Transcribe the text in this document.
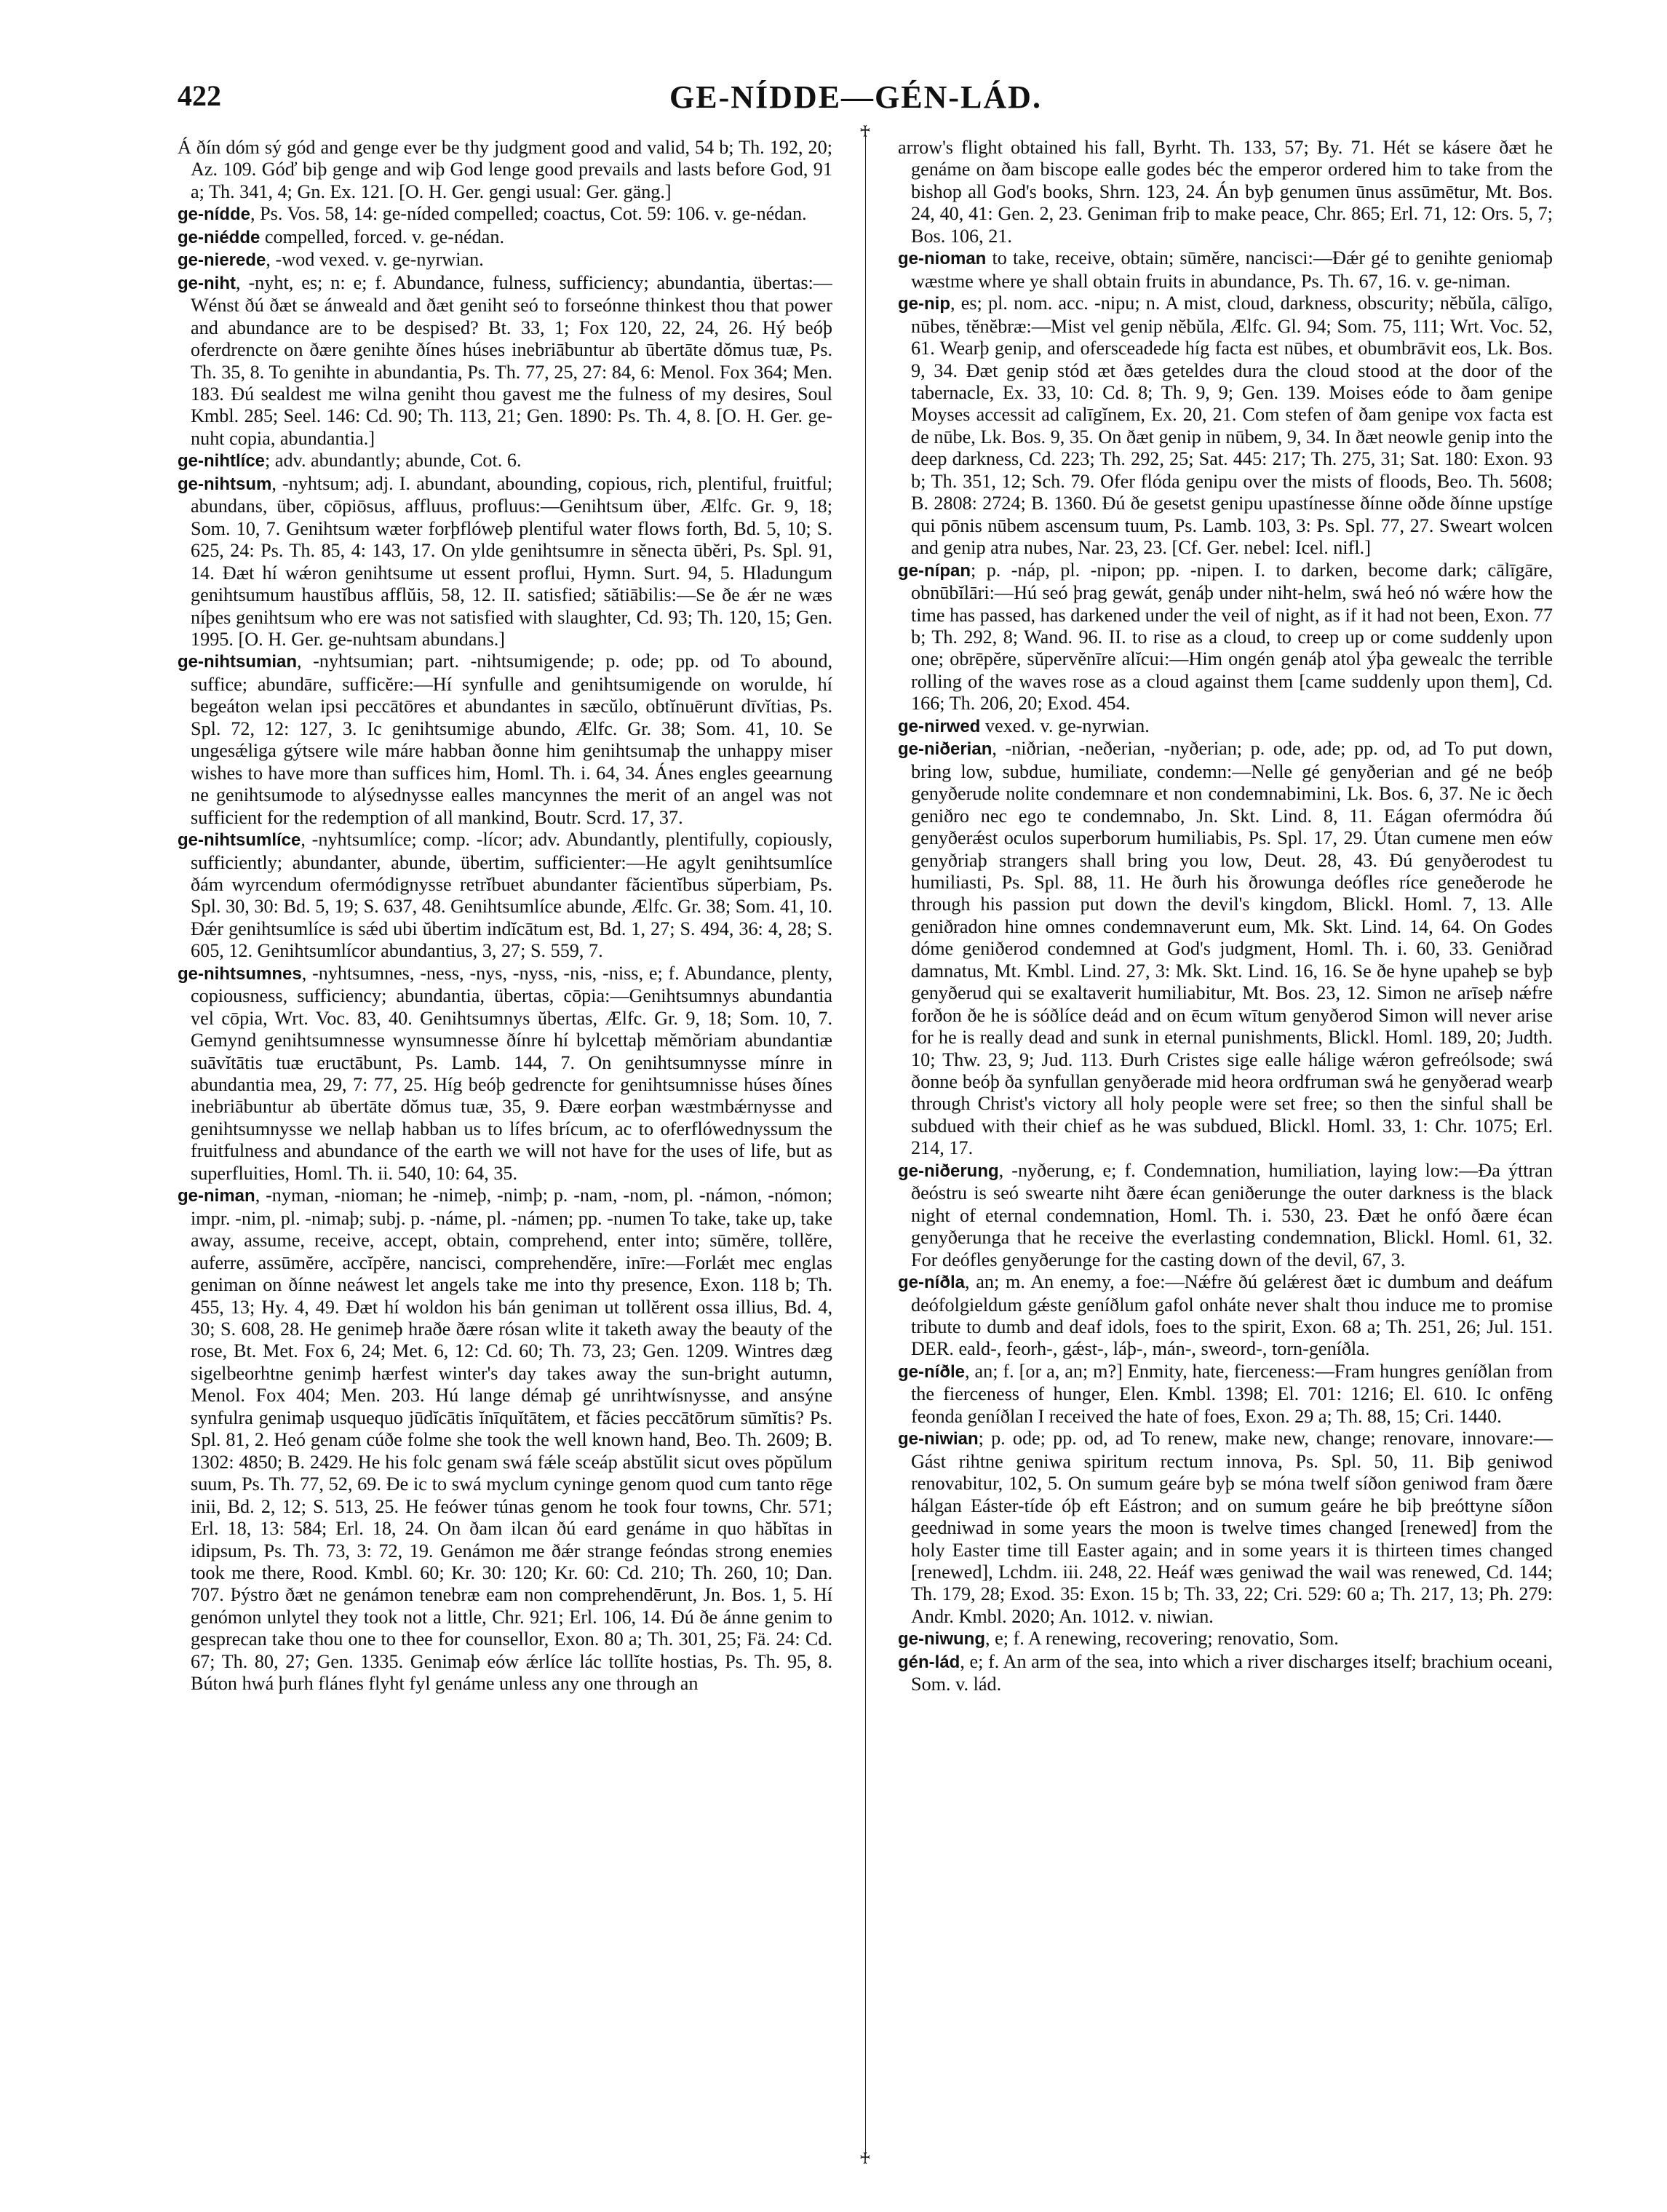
422	GE-NÍDDE—GÉN-LÁD.
♰
♰

Á ðín dóm sý gód and genge ever be thy judgment good and valid, 54 b; Th. 192, 20; Az. 109. Góď biþ genge and wiþ God lenge good prevails and lasts before God, 91 a; Th. 341, 4; Gn. Ex. 121. [O. H. Ger. gengi usual: Ger. gäng.]

ge-nídde, Ps. Vos. 58, 14: ge-níded compelled; coactus, Cot. 59: 106. v. ge-nédan.

ge-niédde compelled, forced. v. ge-nédan.

ge-nierede, -wod vexed. v. ge-nyrwian.

ge-niht, -nyht, es; n: e; f. Abundance, fulness, sufficiency; abundantia, übertas:—Wénst ðú ðæt se ánweald and ðæt geniht seó to forseónne thinkest thou that power and abundance are to be despised? Bt. 33, 1; Fox 120, 22, 24, 26. Hý beóþ oferdrencte on ðære genihte ðínes húses inebriābuntur ab ūbertāte dŏmus tuæ, Ps. Th. 35, 8. To genihte in abundantia, Ps. Th. 77, 25, 27: 84, 6: Menol. Fox 364; Men. 183. Ðú sealdest me wilna geniht thou gavest me the fulness of my desires, Soul Kmbl. 285; Seel. 146: Cd. 90; Th. 113, 21; Gen. 1890: Ps. Th. 4, 8. [O. H. Ger. ge-nuht copia, abundantia.]

ge-nihtlíce; adv. abundantly; abunde, Cot. 6.

ge-nihtsum, -nyhtsum; adj. I. abundant, abounding, copious, rich, plentiful, fruitful; abundans, über, cōpiōsus, affluus, profluus:—Genihtsum über, Ælfc. Gr. 9, 18; Som. 10, 7. Genihtsum wæter forþflóweþ plentiful water flows forth, Bd. 5, 10; S. 625, 24: Ps. Th. 85, 4: 143, 17. On ylde genihtsumre in sĕnecta ūbĕri, Ps. Spl. 91, 14. Ðæt hí wǽron genihtsume ut essent proflui, Hymn. Surt. 94, 5. Hladungum genihtsumum haustĭbus afflŭis, 58, 12. II. satisfied; sătiābilis:—Se ðe ǽr ne wæs níþes genihtsum who ere was not satisfied with slaughter, Cd. 93; Th. 120, 15; Gen. 1995. [O. H. Ger. ge-nuhtsam abundans.]

ge-nihtsumian, -nyhtsumian; part. -nihtsumigende; p. ode; pp. od To abound, suffice; abundāre, sufficĕre:—Hí synfulle and genihtsumigende on woruldе, hí begeáton welan ipsi peccātōres et abundantes in sæcŭlo, obtĭnuērunt dīvĭtias, Ps. Spl. 72, 12: 127, 3. Ic genihtsumige abundo, Ælfc. Gr. 38; Som. 41, 10. Se ungesǽliga gýtsere wile máre habban ðonne him genihtsumaþ the unhappy miser wishes to have more than suffices him, Homl. Th. i. 64, 34. Ánes engles geearnung ne genihtsumode to alýsednysse ealles mancynnes the merit of an angel was not sufficient for the redemption of all mankind, Boutr. Scrd. 17, 37.

ge-nihtsumlíce, -nyhtsumlíce; comp. -lícor; adv. Abundantly, plentifully, copiously, sufficiently; abundanter, abunde, übertim, sufficienter:—He agylt genihtsumlíce ðám wyrcendum ofermódignysse retrĭbuet abundanter făcientĭbus sŭperbiam, Ps. Spl. 30, 30: Bd. 5, 19; S. 637, 48. Genihtsumlíce abunde, Ælfc. Gr. 38; Som. 41, 10. Ðǽr genihtsumlíce is sǽd ubi ŭbertim indĭcātum est, Bd. 1, 27; S. 494, 36: 4, 28; S. 605, 12. Genihtsumlícor abundantius, 3, 27; S. 559, 7.

ge-nihtsumnes, -nyhtsumnes, -ness, -nys, -nyss, -nis, -niss, e; f. Abundance, plenty, copiousness, sufficiency; abundantia, übertas, cōpia:—Genihtsumnys abundantia vel cōpia, Wrt. Voc. 83, 40. Genihtsumnys ŭbertas, Ælfc. Gr. 9, 18; Som. 10, 7. Gemynd genihtsumnesse wynsumnesse ðínre hí bylcettaþ mĕmŏriam abundantiæ suāvĭtātis tuæ eructābunt, Ps. Lamb. 144, 7. On genihtsumnysse mínre in abundantia mea, 29, 7: 77, 25. Híg beóþ gedrencte for genihtsumnisse húses ðínes inebriābuntur ab ūbertāte dŏmus tuæ, 35, 9. Ðære eorþan wæstmbǽrnysse and genihtsumnysse we nellaþ habban us to lífes brícum, ac to oferflówednyssum the fruitfulness and abundance of the earth we will not have for the uses of life, but as superfluities, Homl. Th. ii. 540, 10: 64, 35.

ge-niman, -nyman, -nioman; he -nimeþ, -nimþ; p. -nam, -nom, pl. -námon, -nómon; impr. -nim, pl. -nimaþ; subj. p. -náme, pl. -námen; pp. -numen To take, take up, take away, assume, receive, accept, obtain, comprehend, enter into; sūmĕre, tollĕre, auferre, assūmĕre, accĭpĕre, nancisci, comprehendĕre, inīre:—Forlǽt mec englas geniman on ðínne neáwest let angels take me into thy presence, Exon. 118 b; Th. 455, 13; Hy. 4, 49. Ðæt hí woldon his bán geniman ut tollĕrent ossa illius, Bd. 4, 30; S. 608, 28. He genimeþ hraðe ðære rósan wlite it taketh away the beauty of the rose, Bt. Met. Fox 6, 24; Met. 6, 12: Cd. 60; Th. 73, 23; Gen. 1209. Wintres dæg sigelbeorhtne genimþ hærfest winter's day takes away the sun-bright autumn, Menol. Fox 404; Men. 203. Hú lange démaþ gé unrihtwísnysse, and ansýne synfulra genimaþ usquequo jūdĭcātis ĭnīquĭtātem, et făcies peccātōrum sūmĭtis? Ps. Spl. 81, 2. Heó genam cúðe folme she took the well known hand, Beo. Th. 2609; B. 1302: 4850; B. 2429. He his folc genam swá fǽle sceáp abstŭlit sicut oves pŏpŭlum suum, Ps. Th. 77, 52, 69. Ðe ic to swá myclum cyninge genom quod cum tanto rēge inii, Bd. 2, 12; S. 513, 25. He feówer túnas genom he took four towns, Chr. 571; Erl. 18, 13: 584; Erl. 18, 24. On ðam ilcan ðú eard genáme in quo hăbĭtas in idipsum, Ps. Th. 73, 3: 72, 19. Genámon me ðǽr strange feóndas strong enemies took me there, Rood. Kmbl. 60; Kr. 30: 120; Kr. 60: Cd. 210; Th. 260, 10; Dan. 707. Þýstro ðæt ne genámon tenebræ eam non comprehendērunt, Jn. Bos. 1, 5. Hí genómon unlytel they took not a little, Chr. 921; Erl. 106, 14. Ðú ðe ánne genim to gesprecan take thou one to thee for counsellor, Exon. 80 a; Th. 301, 25; Fä. 24: Cd. 67; Th. 80, 27; Gen. 1335. Genimaþ eów ǽrlíce lác tollĭte hostias, Ps. Th. 95, 8. Búton hwá þurh flánes flyht fyl genáme unless any one through an

arrow's flight obtained his fall, Byrht. Th. 133, 57; By. 71. Hét se kásere ðæt he genáme on ðam biscope ealle godes béc the emperor ordered him to take from the bishop all God's books, Shrn. 123, 24. Án byþ genumen ūnus assūmētur, Mt. Bos. 24, 40, 41: Gen. 2, 23. Geniman friþ to make peace, Chr. 865; Erl. 71, 12: Ors. 5, 7; Bos. 106, 21.

ge-nioman to take, receive, obtain; sūmĕre, nancisci:—Ðǽr gé to genihte geniomaþ wæstme where ye shall obtain fruits in abundance, Ps. Th. 67, 16. v. ge-niman.

ge-nip, es; pl. nom. acc. -nipu; n. A mist, cloud, darkness, obscurity; nĕbŭla, cālīgo, nūbes, tĕnĕbræ:—Mist vel genip nĕbŭla, Ælfc. Gl. 94; Som. 75, 111; Wrt. Voc. 52, 61. Wearþ genip, and ofersceadede híg facta est nūbes, et obumbrāvit eos, Lk. Bos. 9, 34. Ðæt genip stód æt ðæs geteldes dura the cloud stood at the door of the tabernacle, Ex. 33, 10: Cd. 8; Th. 9, 9; Gen. 139. Moises eóde to ðam genipe Moyses accessit ad calīgĭnem, Ex. 20, 21. Com stefen of ðam genipe vox facta est de nūbe, Lk. Bos. 9, 35. On ðæt genip in nūbem, 9, 34. In ðæt neowle genip into the deep darkness, Cd. 223; Th. 292, 25; Sat. 445: 217; Th. 275, 31; Sat. 180: Exon. 93 b; Th. 351, 12; Sch. 79. Ofer flóda genipu over the mists of floods, Beo. Th. 5608; B. 2808: 2724; B. 1360. Ðú ðe gesetst genipu upastínesse ðínne oðde ðínne upstíge qui pōnis nūbem ascensum tuum, Ps. Lamb. 103, 3: Ps. Spl. 77, 27. Sweart wolcen and genip atra nubes, Nar. 23, 23. [Cf. Ger. nebel: Icel. nifl.]

ge-nípan; p. -náp, pl. -nipon; pp. -nipen. I. to darken, become dark; cālīgāre, obnūbĭlāri:—Hú seó þrag gewát, genáþ under niht-helm, swá heó nó wǽre how the time has passed, has darkened under the veil of night, as if it had not been, Exon. 77 b; Th. 292, 8; Wand. 96. II. to rise as a cloud, to creep up or come suddenly upon one; obrēpĕre, sŭpervĕnīre alĭcui:—Him ongén genáþ atol ýþa gewealc the terrible rolling of the waves rose as a cloud against them [came suddenly upon them], Cd. 166; Th. 206, 20; Exod. 454.

ge-nirwed vexed. v. ge-nyrwian.

ge-niðerian, -niðrian, -neðerian, -nyðerian; p. ode, ade; pp. od, ad To put down, bring low, subdue, humiliate, condemn:—Nelle gé genyðerian and gé ne beóþ genyðerude nolite condemnare et non condemnabimini, Lk. Bos. 6, 37. Ne ic ðech geniðro nec ego te condemnabo, Jn. Skt. Lind. 8, 11. Eágan ofermódra ðú genyðerǽst oculos superborum humiliabis, Ps. Spl. 17, 29. Útan cumene men eów genyðriaþ strangers shall bring you low, Deut. 28, 43. Ðú genyðerodest tu humiliasti, Ps. Spl. 88, 11. He ðurh his ðrowunga deófles ríce geneðerode he through his passion put down the devil's kingdom, Blickl. Homl. 7, 13. Alle geniðradon hine omnes condemnaverunt eum, Mk. Skt. Lind. 14, 64. On Godes dóme geniðerod condemned at God's judgment, Homl. Th. i. 60, 33. Geniðrad damnatus, Mt. Kmbl. Lind. 27, 3: Mk. Skt. Lind. 16, 16. Se ðe hyne upaheþ se byþ genyðerud qui se exaltaverit humiliabitur, Mt. Bos. 23, 12. Simon ne arīseþ nǽfre forðon ðe he is sóðlíce deád and on ēcum wītum genyðerod Simon will never arise for he is really dead and sunk in eternal punishments, Blickl. Homl. 189, 20; Judth. 10; Thw. 23, 9; Jud. 113. Ðurh Cristes sige ealle hálige wǽron gefreólsode; swá ðonne beóþ ða synfullan genyðerade mid heora ordfruman swá he genyðerad wearþ through Christ's victory all holy people were set free; so then the sinful shall be subdued with their chief as he was subdued, Blickl. Homl. 33, 1: Chr. 1075; Erl. 214, 17.

ge-niðerung, -nyðerung, e; f. Condemnation, humiliation, laying low:—Ða ýttran ðeóstru is seó swearte niht ðære écan geniðerunge the outer darkness is the black night of eternal condemnation, Homl. Th. i. 530, 23. Ðæt he onfó ðære écan genyðerunga that he receive the everlasting condemnation, Blickl. Homl. 61, 32. For deófles genyðerunge for the casting down of the devil, 67, 3.

ge-níðla, an; m. An enemy, a foe:—Nǽfre ðú gelǽrest ðæt ic dumbum and deáfum deófolgieldum gǽste geníðlum gafol onháte never shalt thou induce me to promise tribute to dumb and deaf idols, foes to the spirit, Exon. 68 a; Th. 251, 26; Jul. 151. DER. eald-, feorh-, gǽst-, láþ-, mán-, sweord-, torn-geníðla.

ge-níðle, an; f. [or a, an; m?] Enmity, hate, fierceness:—Fram hungres geníðlan from the fierceness of hunger, Elen. Kmbl. 1398; El. 701: 1216; El. 610. Ic onfēng feonda geníðlan I received the hate of foes, Exon. 29 a; Th. 88, 15; Cri. 1440.

ge-niwian; p. ode; pp. od, ad To renew, make new, change; renovare, innovare:—Gást rihtne geniwa spiritum rectum innova, Ps. Spl. 50, 11. Biþ geniwod renovabitur, 102, 5. On sumum geáre byþ se móna twelf síðon geniwod fram ðære hálgan Eáster-tíde óþ eft Eástron; and on sumum geáre he biþ þreóttyne síðon geedniwad in some years the moon is twelve times changed [renewed] from the holy Easter time till Easter again; and in some years it is thirteen times changed [renewed], Lchdm. iii. 248, 22. Heáf wæs geniwad the wail was renewed, Cd. 144; Th. 179, 28; Exod. 35: Exon. 15 b; Th. 33, 22; Cri. 529: 60 a; Th. 217, 13; Ph. 279: Andr. Kmbl. 2020; An. 1012. v. niwian.

ge-niwung, e; f. A renewing, recovering; renovatio, Som.

gén-lád, e; f. An arm of the sea, into which a river discharges itself; brachium oceani, Som. v. lád.
